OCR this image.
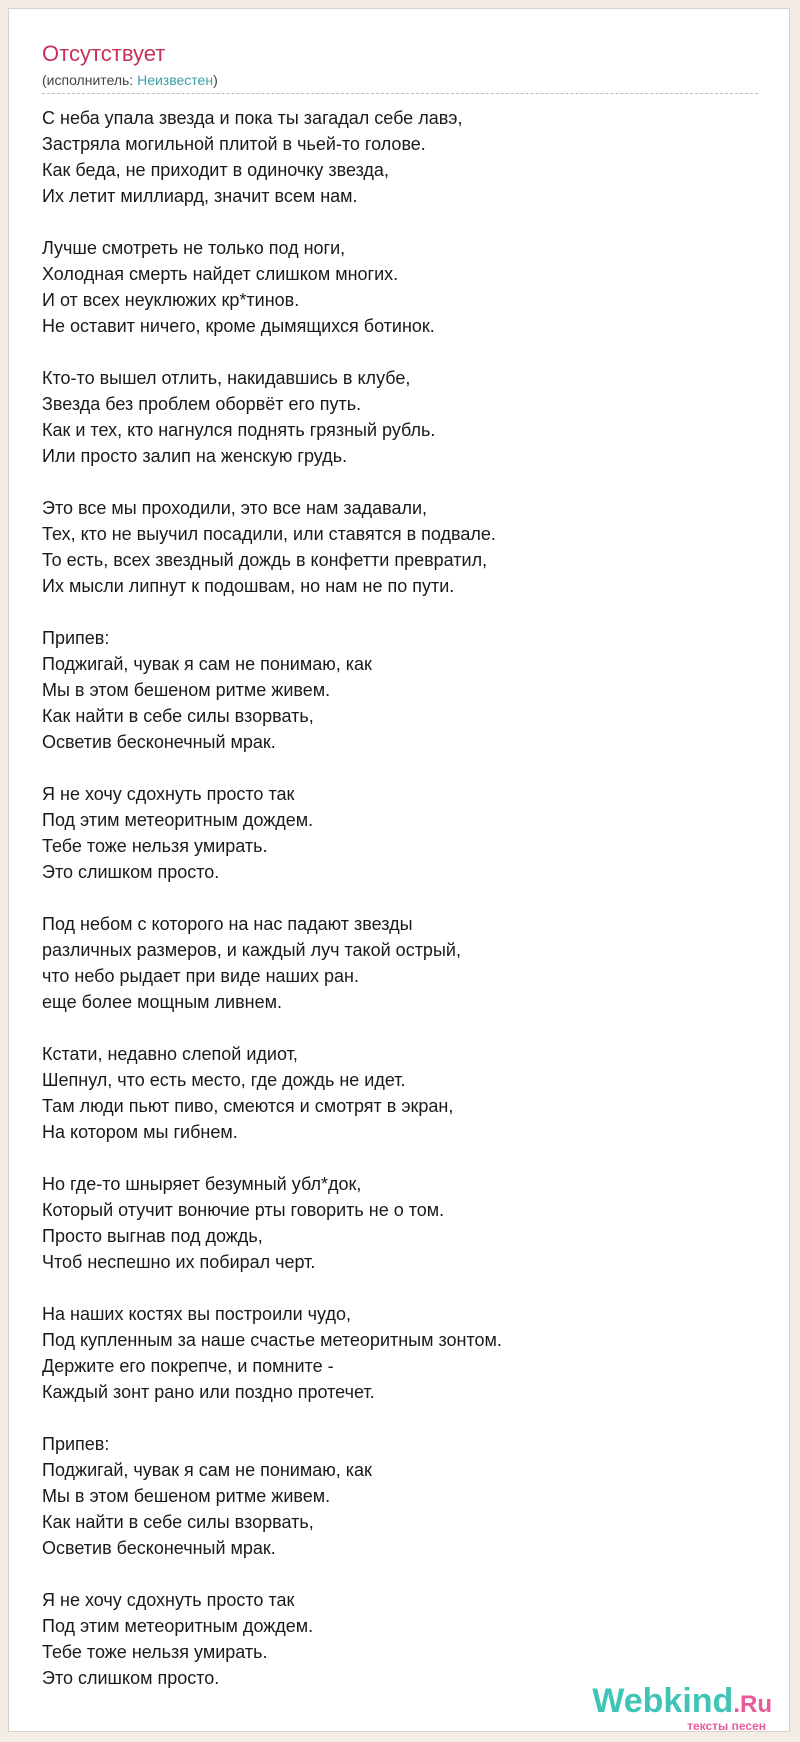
Отсутствует
(исполнитель: Неизвестен)
С неба упала звезда и пока ты загадал себе лавэ,
Застряла могильной плитой в чьей-то голове.
Как беда, не приходит в одиночку звезда,
Их летит миллиард, значит всем нам.
Лучше смотреть не только под ноги,
Холодная смерть найдет слишком многих.
И от всех неуклюжих кр*тинов.
Не оставит ничего, кроме дымящихся ботинок.
Кто-то вышел отлить, накидавшись в клубе,
Звезда без проблем оборвёт его путь.
Как и тех, кто нагнулся поднять грязный рубль.
Или просто залип на женскую грудь.
Это все мы проходили, это все нам задавали,
Тех, кто не выучил посадили, или ставятся в подвале.
То есть, всех звездный дождь в конфетти превратил,
Их мысли липнут к подошвам, но нам не по пути.
Припев:
Поджигай, чувак я сам не понимаю, как
Мы в этом бешеном ритме живем.
Как найти в себе силы взорвать,
Осветив бесконечный мрак.
Я не хочу сдохнуть просто так
Под этим метеоритным дождем.
Тебе тоже нельзя умирать.
Это слишком просто.
Под небом с которого на нас падают звезды
различных размеров, и каждый луч такой острый,
что небо рыдает при виде наших ран.
еще более мощным ливнем.
Кстати, недавно слепой идиот,
Шепнул, что есть место, где дождь не идет.
Там люди пьют пиво, смеются и смотрят в экран,
На котором мы гибнем.
Но где-то шныряет безумный убл*док,
Который отучит вонючие рты говорить не о том.
Просто выгнав под дождь,
Чтоб неспешно их побирал черт.
На наших костях вы построили чудо,
Под купленным за наше счастье метеоритным зонтом.
Держите его покрепче, и помните -
Каждый зонт рано или поздно протечет.
Припев:
Поджигай, чувак я сам не понимаю, как
Мы в этом бешеном ритме живем.
Как найти в себе силы взорвать,
Осветив бесконечный мрак.
Я не хочу сдохнуть просто так
Под этим метеоритным дождем.
Тебе тоже нельзя умирать.
Это слишком просто.
Webkind.Ru
тексты песен
